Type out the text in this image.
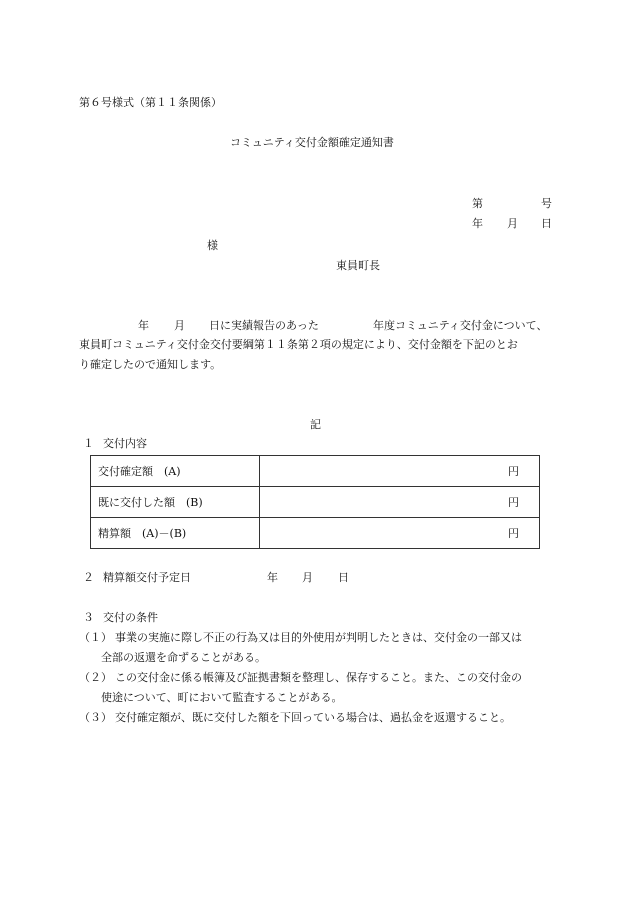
第６号様式（第１１条関係）
コミュニティ交付金額確定通知書
第	号
年 月 日
様
東員町長
年 月 日に実績報告のあった	年度コミュニティ交付金について、
東員町コミュニティ交付金交付要綱第１１条第２項の規定により、交付金額を下記のとお
り確定したので通知します。
記
１ 交付内容
交付確定額　(A)	円
既に交付した額　(B)	円
精算額　(A)－(B)	円
２ 精算額交付予定日	年 月 日
３ 交付の条件
（１） 事業の実施に際し不正の行為又は目的外使用が判明したときは、交付金の一部又は
全部の返還を命ずることがある。
（２） この交付金に係る帳簿及び証拠書類を整理し、保存すること。また、この交付金の
使途について、町において監査することがある。
（３） 交付確定額が、既に交付した額を下回っている場合は、過払金を返還すること。
